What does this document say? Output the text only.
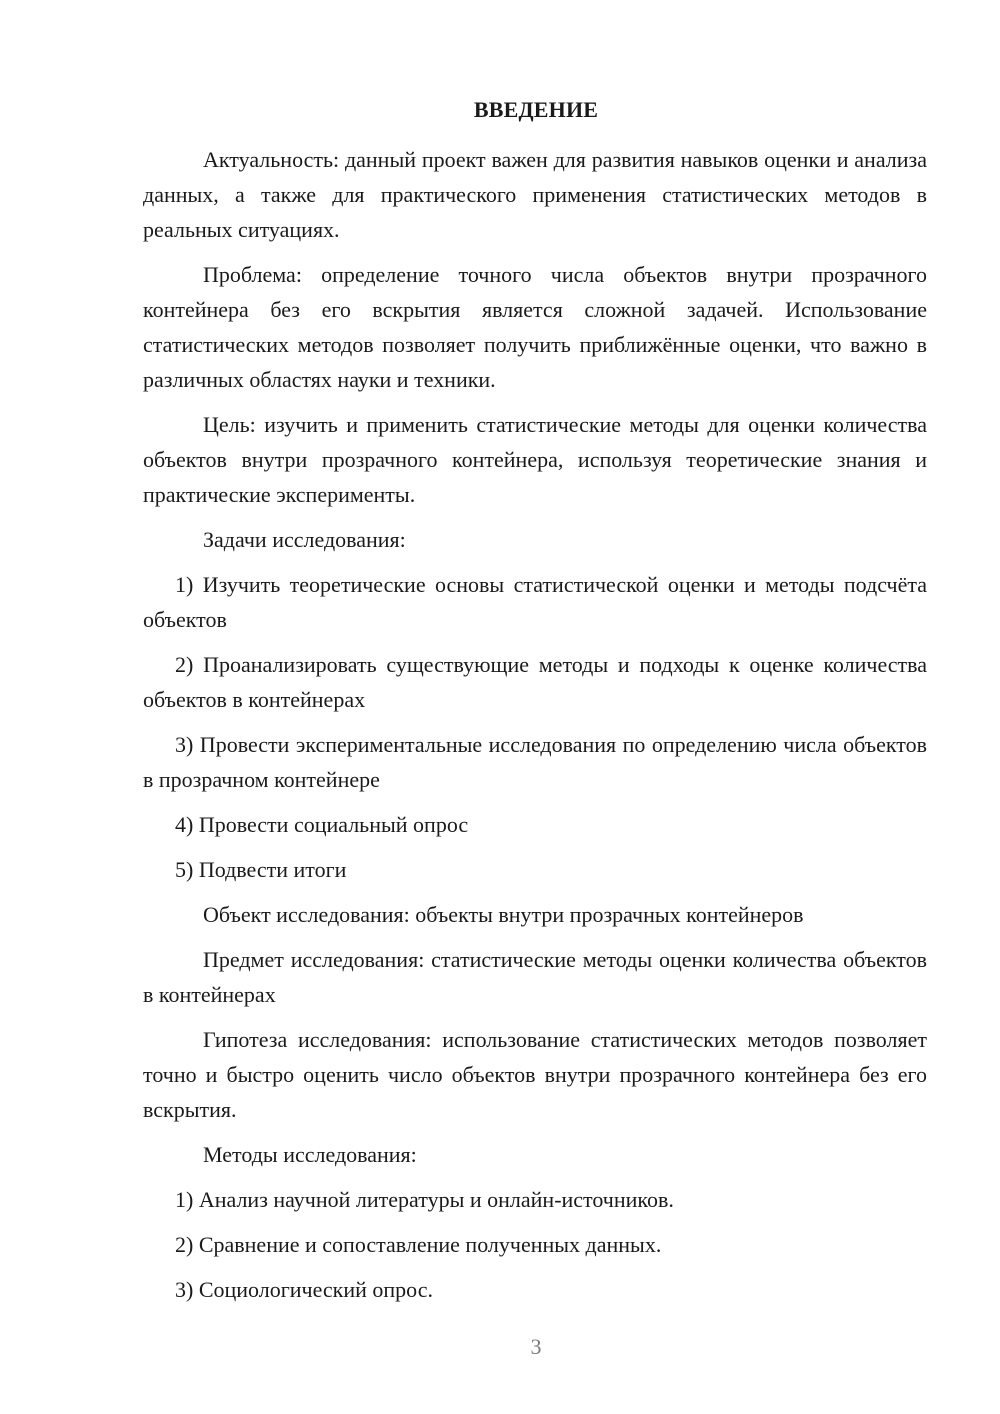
ВВЕДЕНИЕ

Актуальность: данный проект важен для развития навыков оценки и анализа данных, а также для практического применения статистических методов в реальных ситуациях.

Проблема: определение точного числа объектов внутри прозрачного контейнера без его вскрытия является сложной задачей. Использование статистических методов позволяет получить приближённые оценки, что важно в различных областях науки и техники.

Цель: изучить и применить статистические методы для оценки количества объектов внутри прозрачного контейнера, используя теоретические знания и практические эксперименты.

Задачи исследования:

1) Изучить теоретические основы статистической оценки и методы подсчёта объектов

2) Проанализировать существующие методы и подходы к оценке количества объектов в контейнерах

3) Провести экспериментальные исследования по определению числа объектов в прозрачном контейнере

4) Провести социальный опрос

5) Подвести итоги

Объект исследования: объекты внутри прозрачных контейнеров

Предмет исследования: статистические методы оценки количества объектов в контейнерах

Гипотеза исследования: использование статистических методов позволяет точно и быстро оценить число объектов внутри прозрачного контейнера без его вскрытия.

Методы исследования:

1) Анализ научной литературы и онлайн-источников.

2) Сравнение и сопоставление полученных данных.

3) Социологический опрос.

3
